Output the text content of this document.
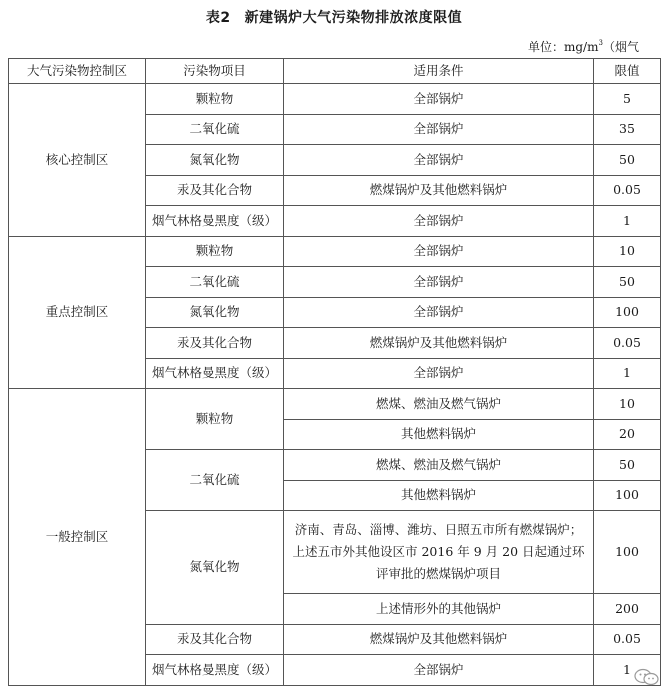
表2 新建锅炉大气污染物排放浓度限值
单位：$mg/m^3$（烟气
大气污染物控制区	污染物项目	适用条件	限值
核心控制区	颗粒物	全部锅炉	5
	二氧化硫	全部锅炉	35
	氮氧化物	全部锅炉	50
	汞及其化合物	燃煤锅炉及其他燃料锅炉	0.05
	烟气林格曼黑度（级）	全部锅炉	1
重点控制区	颗粒物	全部锅炉	10
	二氧化硫	全部锅炉	50
	氮氧化物	全部锅炉	100
	汞及其化合物	燃煤锅炉及其他燃料锅炉	0.05
	烟气林格曼黑度（级）	全部锅炉	1
一般控制区	颗粒物	燃煤、燃油及燃气锅炉	10
		其他燃料锅炉	20
	二氧化硫	燃煤、燃油及燃气锅炉	50
		其他燃料锅炉	100
	氮氧化物	济南、青岛、淄博、潍坊、日照五市所有燃煤锅炉；上述五市外其他设区市 2016 年 9 月 20 日起通过环评审批的燃煤锅炉项目	100
		上述情形外的其他锅炉	200
	汞及其化合物	燃煤锅炉及其他燃料锅炉	0.05
	烟气林格曼黑度（级）	全部锅炉	1
